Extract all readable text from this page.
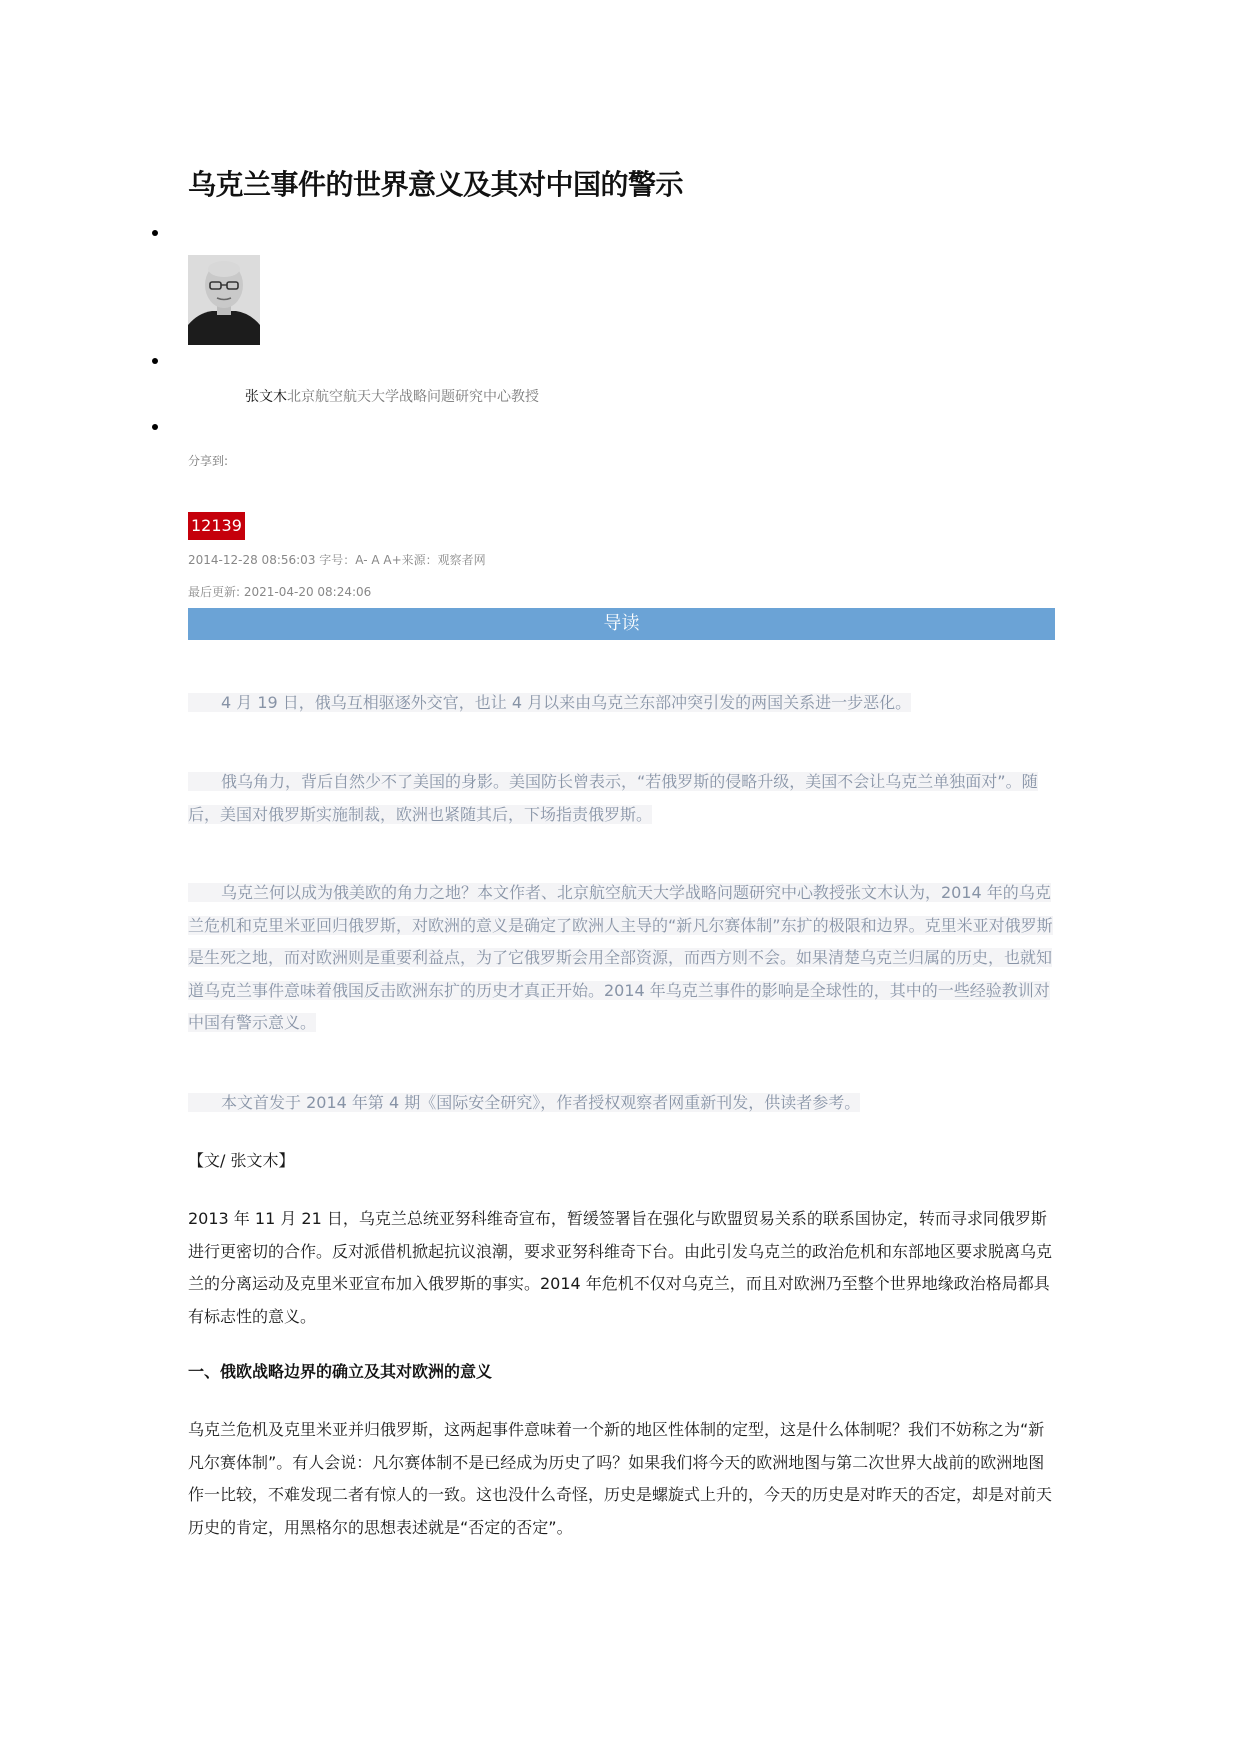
乌克兰事件的世界意义及其对中国的警示
张文木北京航空航天大学战略问题研究中心教授
分享到:
12139
2014-12-28 08:56:03 字号：A- A A+来源：观察者网
最后更新: 2021-04-20 08:24:06
导读

4 月 19 日，俄乌互相驱逐外交官，也让 4 月以来由乌克兰东部冲突引发的两国关系进一步恶化。

俄乌角力，背后自然少不了美国的身影。美国防长曾表示，“若俄罗斯的侵略升级，美国不会让乌克兰单独面对”。随后，美国对俄罗斯实施制裁，欧洲也紧随其后，下场指责俄罗斯。

乌克兰何以成为俄美欧的角力之地？本文作者、北京航空航天大学战略问题研究中心教授张文木认为，2014 年的乌克兰危机和克里米亚回归俄罗斯，对欧洲的意义是确定了欧洲人主导的“新凡尔赛体制”东扩的极限和边界。克里米亚对俄罗斯是生死之地，而对欧洲则是重要利益点，为了它俄罗斯会用全部资源，而西方则不会。如果清楚乌克兰归属的历史，也就知道乌克兰事件意味着俄国反击欧洲东扩的历史才真正开始。2014 年乌克兰事件的影响是全球性的，其中的一些经验教训对中国有警示意义。

本文首发于 2014 年第 4 期《国际安全研究》，作者授权观察者网重新刊发，供读者参考。

【文/ 张文木】

2013 年 11 月 21 日，乌克兰总统亚努科维奇宣布，暂缓签署旨在强化与欧盟贸易关系的联系国协定，转而寻求同俄罗斯进行更密切的合作。反对派借机掀起抗议浪潮，要求亚努科维奇下台。由此引发乌克兰的政治危机和东部地区要求脱离乌克兰的分离运动及克里米亚宣布加入俄罗斯的事实。2014 年危机不仅对乌克兰，而且对欧洲乃至整个世界地缘政治格局都具有标志性的意义。

一、俄欧战略边界的确立及其对欧洲的意义

乌克兰危机及克里米亚并归俄罗斯，这两起事件意味着一个新的地区性体制的定型，这是什么体制呢？我们不妨称之为“新凡尔赛体制”。有人会说：凡尔赛体制不是已经成为历史了吗？如果我们将今天的欧洲地图与第二次世界大战前的欧洲地图作一比较，不难发现二者有惊人的一致。这也没什么奇怪，历史是螺旋式上升的，今天的历史是对昨天的否定，却是对前天历史的肯定，用黑格尔的思想表述就是“否定的否定”。
